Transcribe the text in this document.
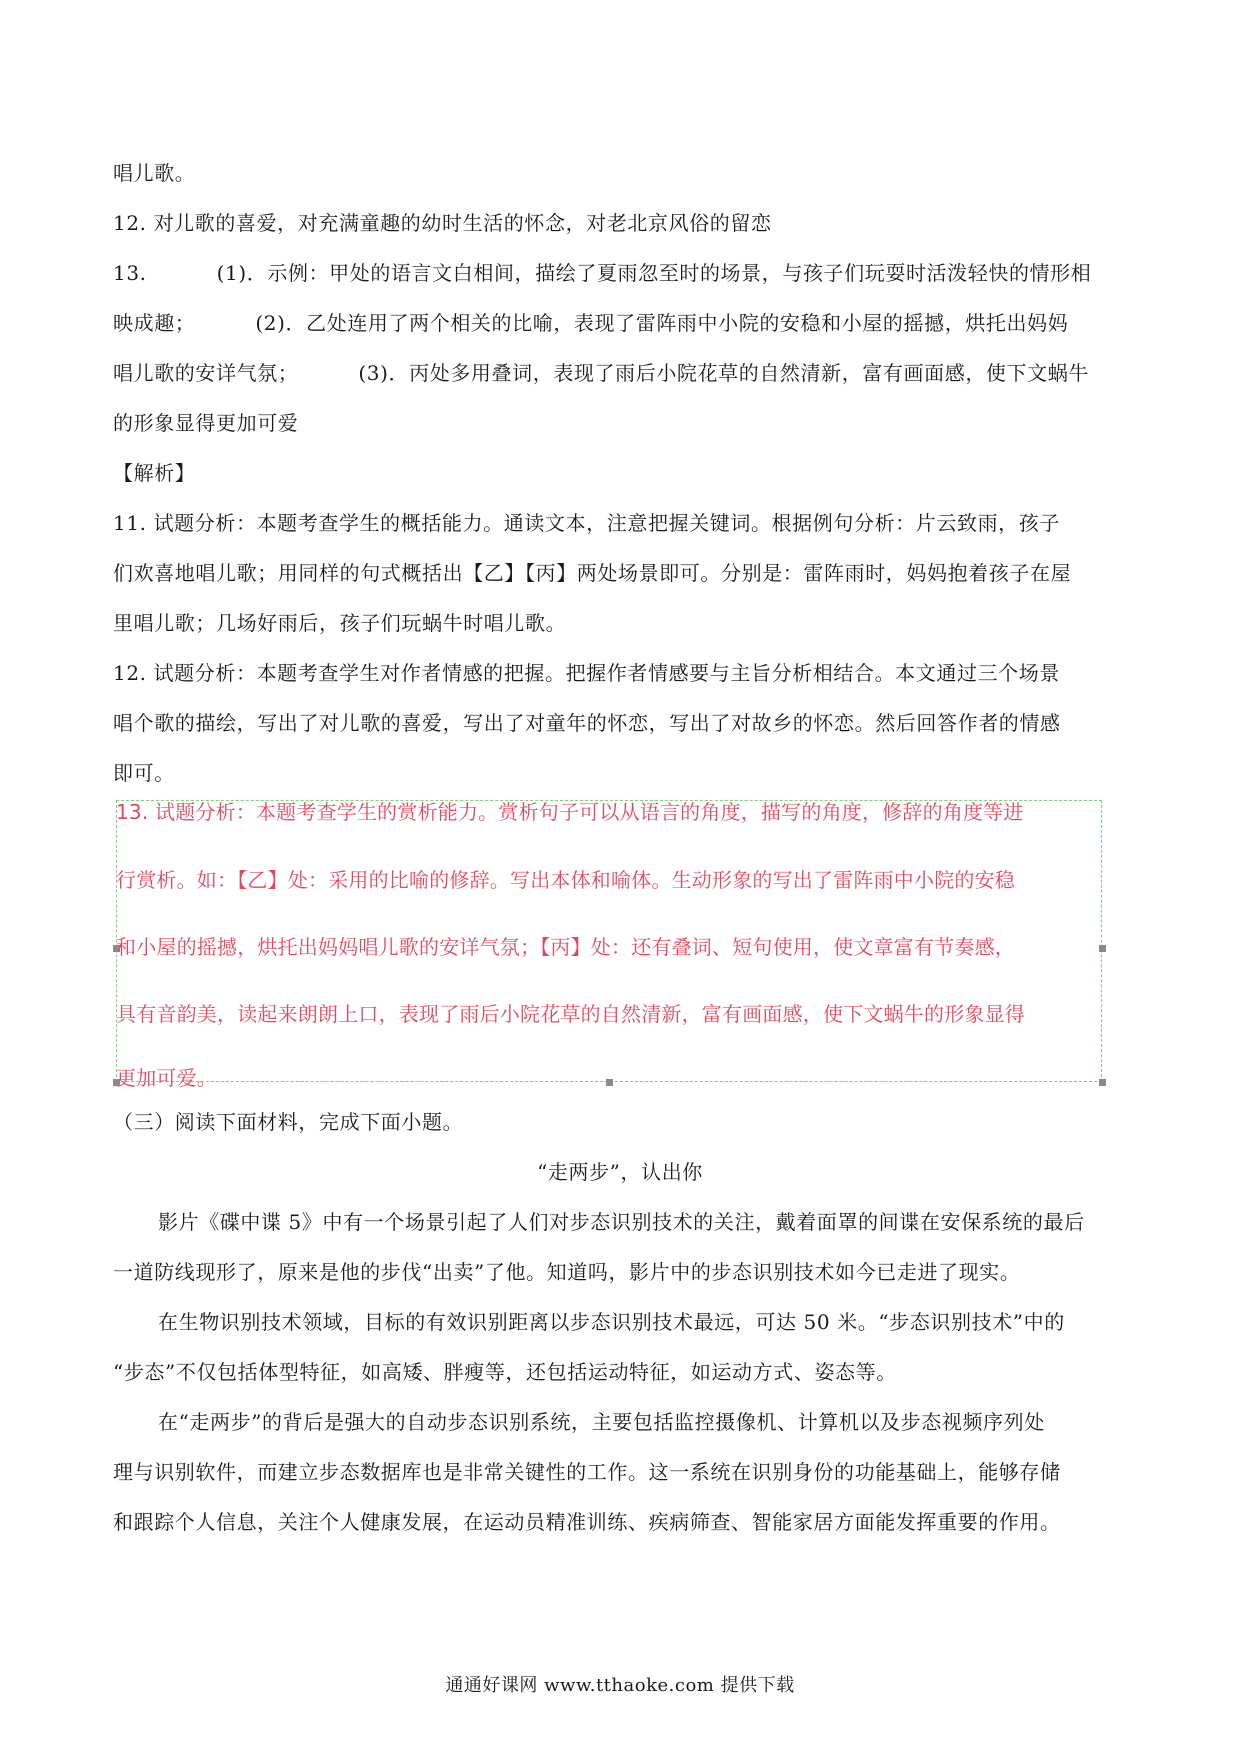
唱儿歌。
12. 对儿歌的喜爱，对充满童趣的幼时生活的怀念，对老北京风俗的留恋
13.	(1)．示例：甲处的语言文白相间，描绘了夏雨忽至时的场景，与孩子们玩耍时活泼轻快的情形相
映成趣；	(2)．乙处连用了两个相关的比喻，表现了雷阵雨中小院的安稳和小屋的摇撼，烘托出妈妈
唱儿歌的安详气氛；	(3)．丙处多用叠词，表现了雨后小院花草的自然清新，富有画面感，使下文蜗牛
的形象显得更加可爱
【解析】
11. 试题分析：本题考查学生的概括能力。通读文本，注意把握关键词。根据例句分析：片云致雨，孩子
们欢喜地唱儿歌；用同样的句式概括出【乙】【丙】两处场景即可。分别是：雷阵雨时，妈妈抱着孩子在屋
里唱儿歌；几场好雨后，孩子们玩蜗牛时唱儿歌。
12. 试题分析：本题考查学生对作者情感的把握。把握作者情感要与主旨分析相结合。本文通过三个场景
唱个歌的描绘，写出了对儿歌的喜爱，写出了对童年的怀恋，写出了对故乡的怀恋。然后回答作者的情感
即可。
13. 试题分析：本题考查学生的赏析能力。赏析句子可以从语言的角度，描写的角度，修辞的角度等进
行赏析。如：【乙】处：采用的比喻的修辞。写出本体和喻体。生动形象的写出了雷阵雨中小院的安稳
和小屋的摇撼，烘托出妈妈唱儿歌的安详气氛；【丙】处：还有叠词、短句使用，使文章富有节奏感，
具有音韵美，读起来朗朗上口，表现了雨后小院花草的自然清新，富有画面感，使下文蜗牛的形象显得
更加可爱。
（三）阅读下面材料，完成下面小题。
“走两步”，认出你
影片《碟中谍 5》中有一个场景引起了人们对步态识别技术的关注，戴着面罩的间谍在安保系统的最后
一道防线现形了，原来是他的步伐“出卖”了他。知道吗，影片中的步态识别技术如今已走进了现实。
在生物识别技术领域，目标的有效识别距离以步态识别技术最远，可达 50 米。“步态识别技术”中的
“步态”不仅包括体型特征，如高矮、胖瘦等，还包括运动特征，如运动方式、姿态等。
在“走两步”的背后是强大的自动步态识别系统，主要包括监控摄像机、计算机以及步态视频序列处
理与识别软件，而建立步态数据库也是非常关键性的工作。这一系统在识别身份的功能基础上，能够存储
和跟踪个人信息，关注个人健康发展，在运动员精准训练、疾病筛查、智能家居方面能发挥重要的作用。
通通好课网 www.tthaoke.com 提供下载
